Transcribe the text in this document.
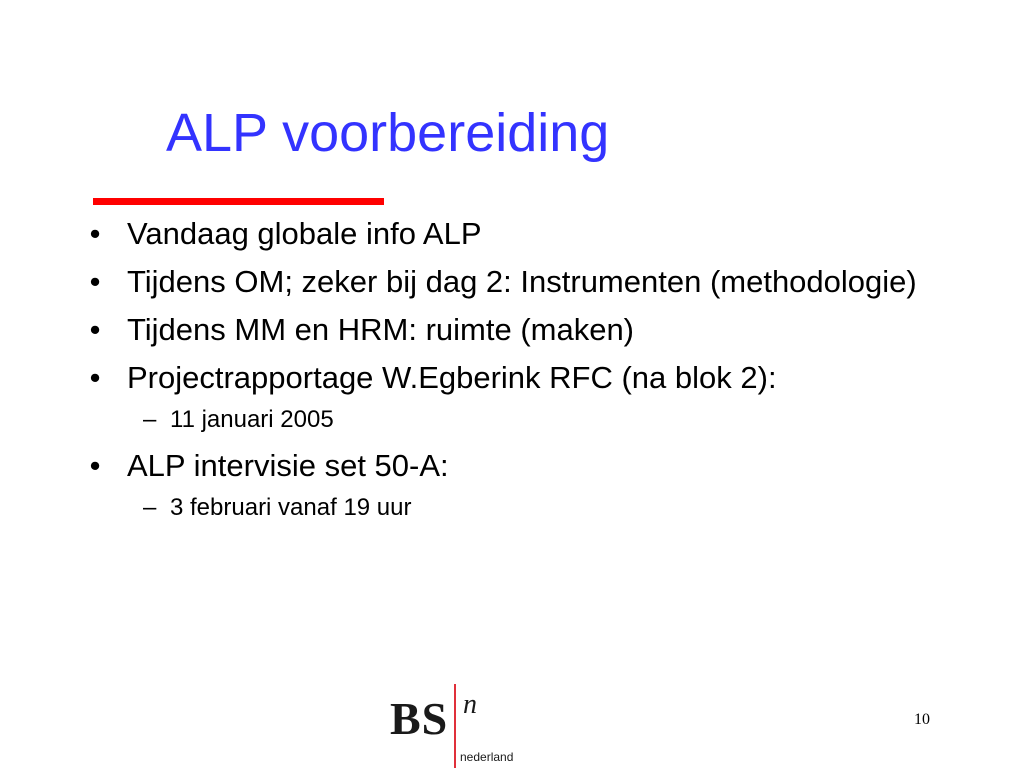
ALP voorbereiding
• Vandaag globale info ALP
• Tijdens OM; zeker bij dag 2: Instrumenten (methodologie)
• Tijdens MM en HRM: ruimte (maken)
• Projectrapportage W.Egberink RFC (na blok 2):
– 11 januari 2005
• ALP intervisie set 50-A:
– 3 februari vanaf 19 uur
BS n
nederland
10
